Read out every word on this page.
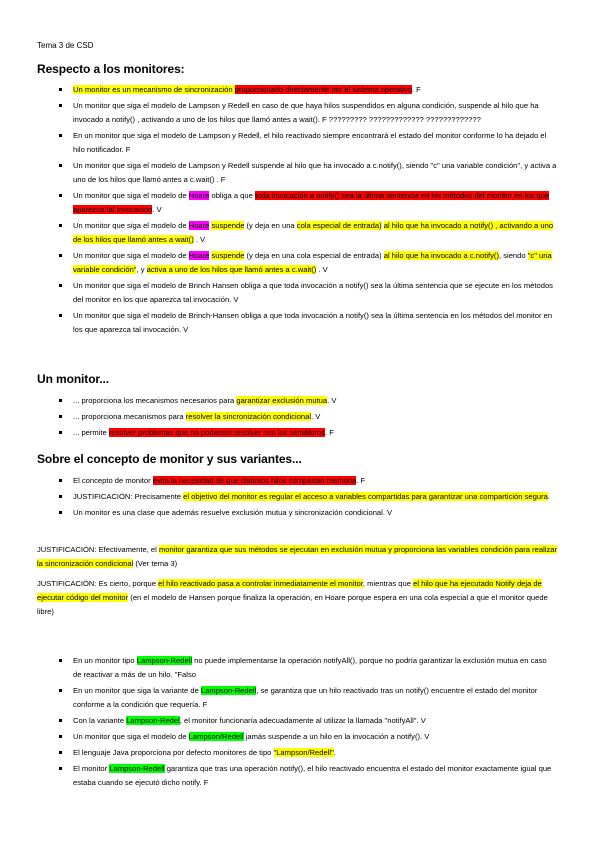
Tema 3 de CSD
Respecto a los monitores:
Un monitor es un mecanismo de sincronización proporcionado directamente por el sistema operativo. F
Un monitor que siga el modelo de Lampson y Redell en caso de que haya hilos suspendidos en alguna condición, suspende al hilo que ha invocado a notify() , activando a uno de los hilos que llamó antes a wait(). F ????????? ????????????? ?????????????
En un monitor que siga el modelo de Lampson y Redell, el hilo reactivado siempre encontrará el estado del monitor conforme lo ha dejado el hilo notificador. F
Un monitor que siga el modelo de Lampson y Redell suspende al hilo que ha invocado a c.notify(), siendo "c" una variable condición", y activa a uno de los hilos que llamó antes a c.wait() . F
Un monitor que siga el modelo de Hoare obliga a que toda invocación a notify() sea la última sentencia en los métodos del monitor en los que aparezca tal invocación. V
Un monitor que siga el modelo de Hoare suspende (y deja en una cola especial de entrada) al hilo que ha invocado a notify() , activando a uno de los hilos que llamó antes a wait() . V
Un monitor que siga el modelo de Hoare suspende (y deja en una cola especial de entrada) al hilo que ha invocado a c.notify(), siendo "c" una variable condición", y activa a uno de los hilos que llamó antes a c.wait() . V
Un monitor que siga el modelo de Brinch Hansen obliga a que toda invocación a notify() sea la última sentencia que se ejecute en los métodos del monitor en los que aparezca tal invocación. V
Un monitor que siga el modelo de Brinch-Hansen obliga a que toda invocación a notify() sea la última sentencia en los métodos del monitor en los que aparezca tal invocación. V
Un monitor...
... proporciona los mecanismos necesarios para garantizar exclusión mutua. V
... proporciona mecanismos para resolver la sincronización condicional. V
... permite resolver problemas que no podemos resolver con los semáforos. F
Sobre el concepto de monitor y sus variantes...
El concepto de monitor evita la necesidad de que distintos hilos compartan memoria. F
JUSTIFICACIÓN: Precisamente el objetivo del monitor es regular el acceso a variables compartidas para garantizar una compartición segura.
Un monitor es una clase que además resuelve exclusión mutua y sincronización condicional. V
JUSTIFICACIÓN: Efectivamente, el monitor garantiza que sus métodos se ejecutan en exclusión mutua y proporciona las variables condición para realizar la sincronización condicional (Ver tema 3)
JUSTIFICACIÓN: Es cierto, porque el hilo reactivado pasa a controlar inmediatamente el monitor, mientras que el hilo que ha ejecutado Notify deja de ejecutar código del monitor (en el modelo de Hansen porque finaliza la operación, en Hoare porque espera en una cola especial a que el monitor quede libre)
En un monitor tipo Lampson-Redell no puede implementarse la operación notifyAll(), porque no podría garantizar la exclusión mutua en caso de reactivar a más de un hilo. "Falso
En un monitor que siga la variante de Lampson-Redell, se garantiza que un hilo reactivado tras un notify() encuentre el estado del monitor conforme a la condición que requería. F
Con la variante Lampson-Redel, el monitor funcionaría adecuadamente al utilizar la llamada "notifyAll". V
Un monitor que siga el modelo de Lampson/Redell jamás suspende a un hilo en la invocación a notify(). V
El lenguaje Java proporciona por defecto monitores de tipo "Lampson/Redell".
El monitor Lampson-Redell garantiza que tras una operación notify(), el hilo reactivado encuentra el estado del monitor exactamente igual que estaba cuando se ejecutó dicho notify. F
